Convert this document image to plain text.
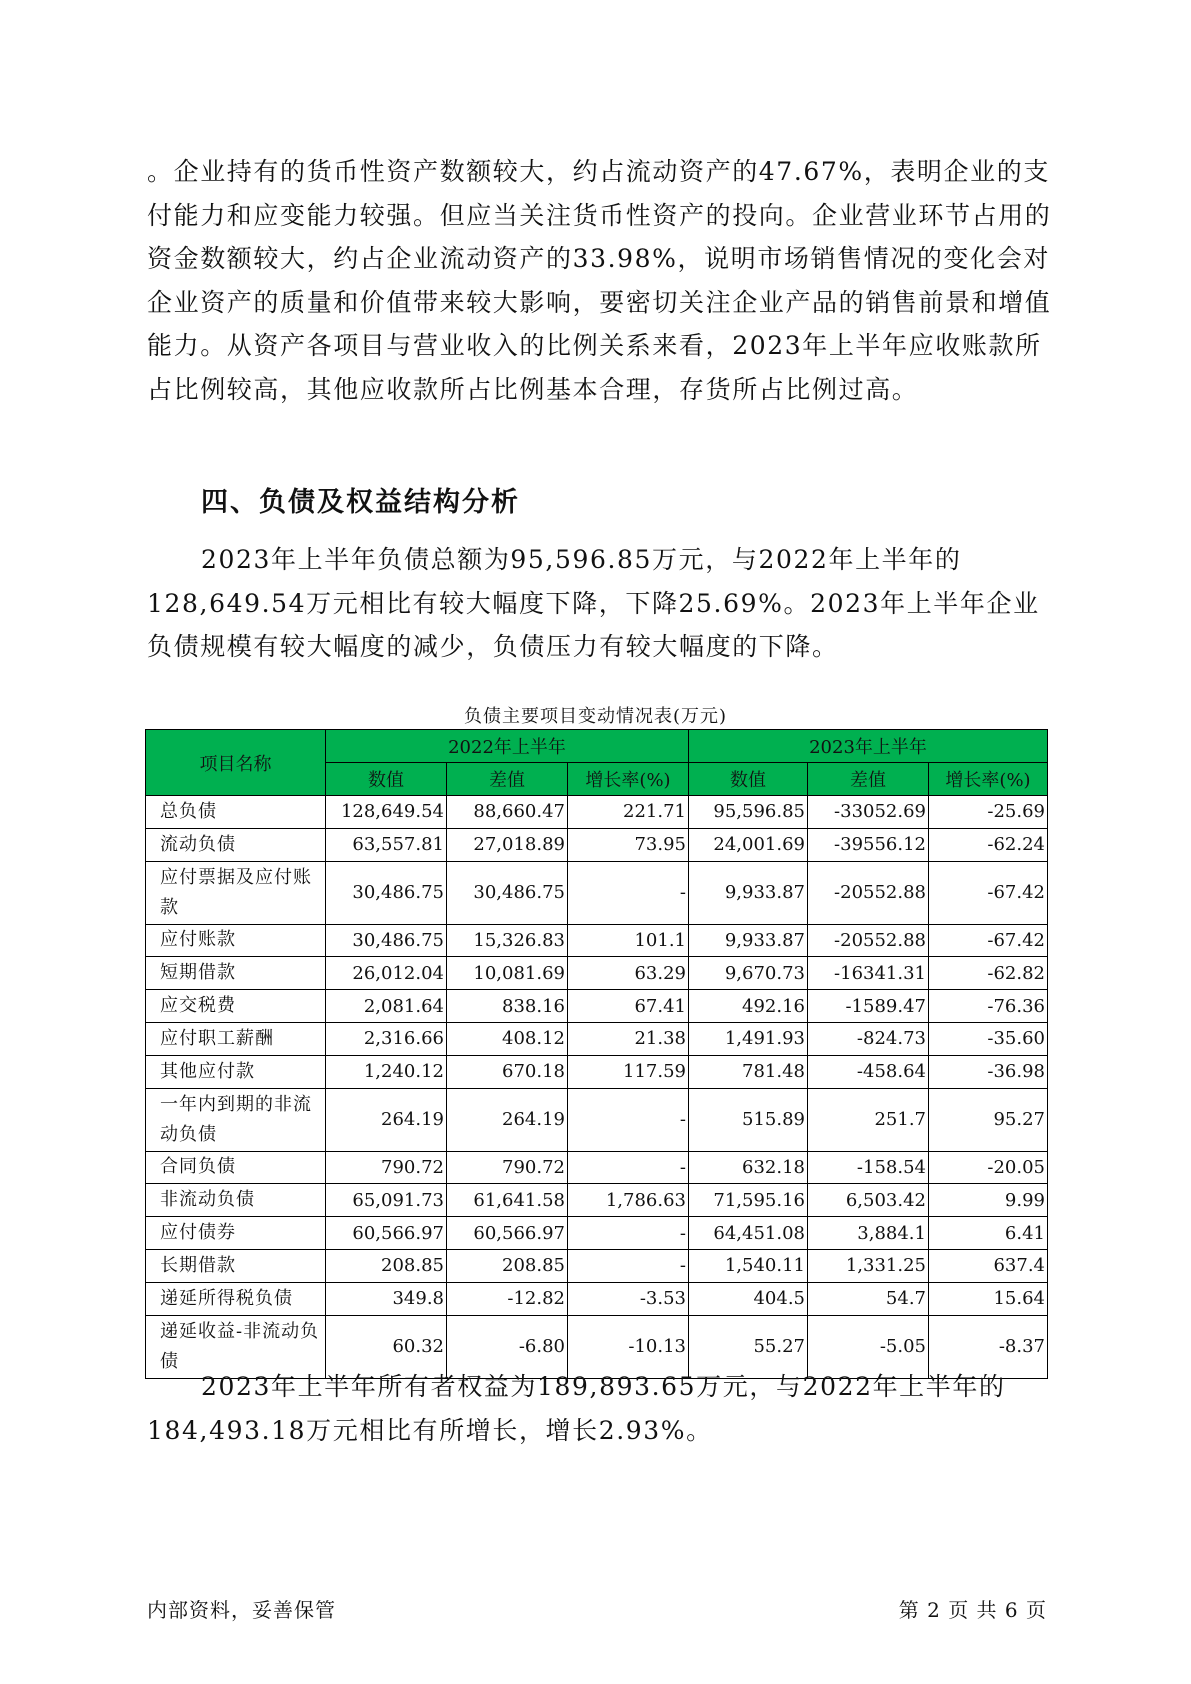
。企业持有的货币性资产数额较大，约占流动资产的47.67%，表明企业的支付能力和应变能力较强。但应当关注货币性资产的投向。企业营业环节占用的资金数额较大，约占企业流动资产的33.98%，说明市场销售情况的变化会对企业资产的质量和价值带来较大影响，要密切关注企业产品的销售前景和增值能力。从资产各项目与营业收入的比例关系来看，2023年上半年应收账款所占比例较高，其他应收款所占比例基本合理，存货所占比例过高。

四、负债及权益结构分析

2023年上半年负债总额为95,596.85万元，与2022年上半年的128,649.54万元相比有较大幅度下降，下降25.69%。2023年上半年企业负债规模有较大幅度的减少，负债压力有较大幅度的下降。

负债主要项目变动情况表(万元)
项目名称	2022年上半年			2023年上半年		
	数值	差值	增长率(%)	数值	差值	增长率(%)
总负债	128,649.54	88,660.47	221.71	95,596.85	-33052.69	-25.69
流动负债	63,557.81	27,018.89	73.95	24,001.69	-39556.12	-62.24
应付票据及应付账款	30,486.75	30,486.75	-	9,933.87	-20552.88	-67.42
应付账款	30,486.75	15,326.83	101.1	9,933.87	-20552.88	-67.42
短期借款	26,012.04	10,081.69	63.29	9,670.73	-16341.31	-62.82
应交税费	2,081.64	838.16	67.41	492.16	-1589.47	-76.36
应付职工薪酬	2,316.66	408.12	21.38	1,491.93	-824.73	-35.60
其他应付款	1,240.12	670.18	117.59	781.48	-458.64	-36.98
一年内到期的非流动负债	264.19	264.19	-	515.89	251.7	95.27
合同负债	790.72	790.72	-	632.18	-158.54	-20.05
非流动负债	65,091.73	61,641.58	1,786.63	71,595.16	6,503.42	9.99
应付债券	60,566.97	60,566.97	-	64,451.08	3,884.1	6.41
长期借款	208.85	208.85	-	1,540.11	1,331.25	637.4
递延所得税负债	349.8	-12.82	-3.53	404.5	54.7	15.64
递延收益-非流动负债	60.32	-6.80	-10.13	55.27	-5.05	-8.37

2023年上半年所有者权益为189,893.65万元，与2022年上半年的184,493.18万元相比有所增长，增长2.93%。

内部资料，妥善保管	第 2 页 共 6 页
